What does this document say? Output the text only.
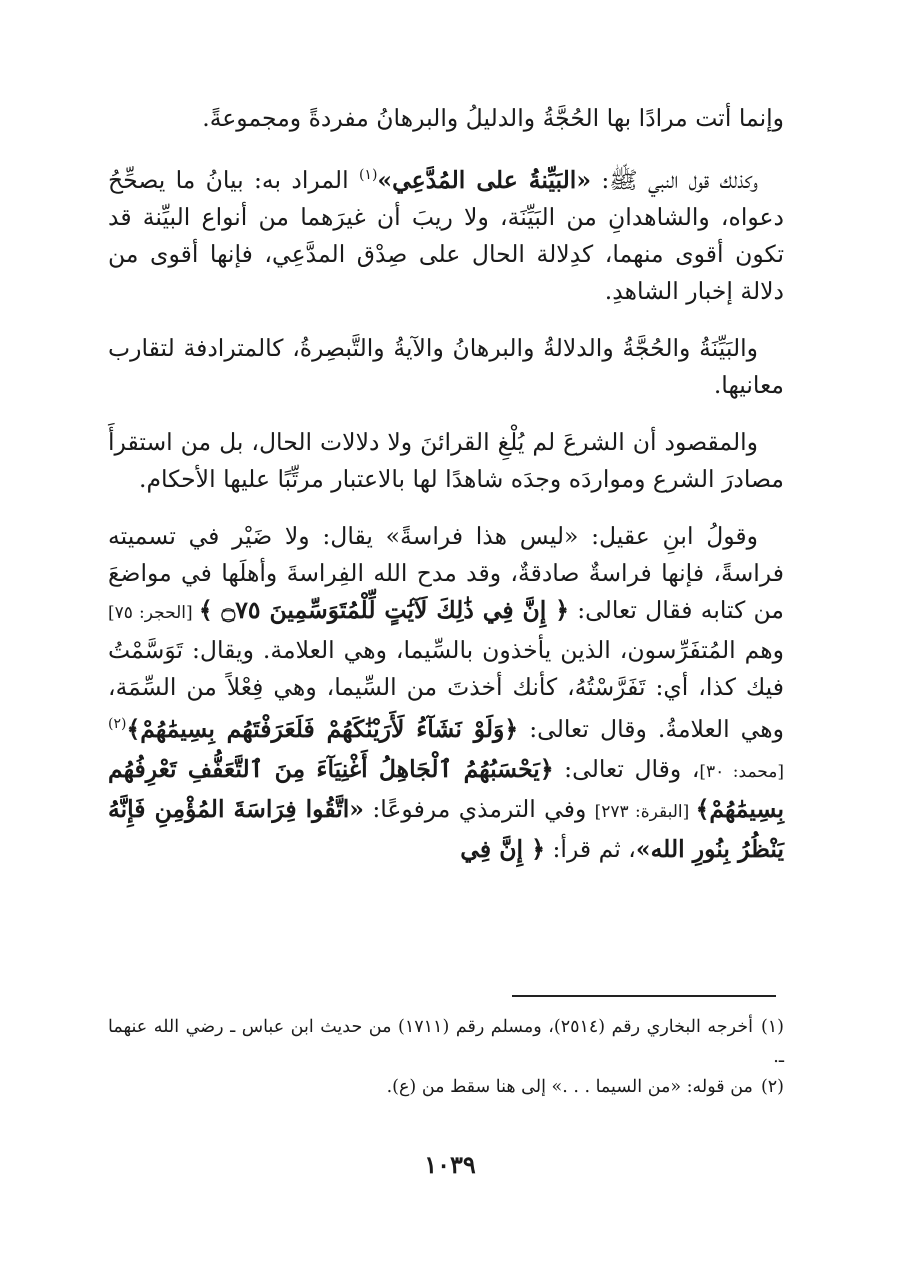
وإنما أتت مرادًا بها الحُجَّةُ والدليلُ والبرهانُ مفردةً ومجموعةً.

وكذلك قول النبي ﷺ: «البَيِّنةُ على المُدَّعِي»$^{(١)}$ المراد به: بيانُ ما يصحِّحُ دعواه، والشاهدانِ من البَيِّنَة، ولا ريبَ أن غيرَهما من أنواع البيِّنة قد تكون أقوى منهما، كدِلالة الحال على صِدْق المدَّعِي، فإنها أقوى من دلالة إخبار الشاهدِ.

والبَيِّنَةُ والحُجَّةُ والدلالةُ والبرهانُ والآيةُ والتَّبصِرةُ، كالمترادفة لتقارب معانيها.

والمقصود أن الشرعَ لم يُلْغِ القرائنَ ولا دلالات الحال، بل من استقرأَ مصادرَ الشرع ومواردَه وجدَه شاهدًا لها بالاعتبار مرتِّبًا عليها الأحكام.

وقولُ ابنِ عقيل: «ليس هذا فراسةً» يقال: ولا ضَيْر في تسميته فراسةً، فإنها فراسةٌ صادقةٌ، وقد مدح الله الفِراسةَ وأهلَها في مواضعَ من كتابه فقال تعالى: ﴿ إِنَّ فِي ذَٰلِكَ لَآيَٰتٍ لِّلْمُتَوَسِّمِينَ ۝٧٥ ﴾ [الحجر: ٧٥] وهم المُتفَرِّسون، الذين يأخذون بالسِّيما، وهي العلامة. ويقال: تَوَسَّمْتُ فيك كذا، أي: تَفَرَّسْتُهُ، كأنك أخذتَ من السِّيما، وهي فِعْلاً من السِّمَة، وهي العلامةُ. وقال تعالى: ﴿وَلَوْ نَشَآءُ لَأَرَيْنَٰكَهُمْ فَلَعَرَفْتَهُم بِسِيمَٰهُمْ﴾$^{(٢)}$ [محمد: ٣٠]، وقال تعالى: ﴿يَحْسَبُهُمُ ٱلْجَاهِلُ أَغْنِيَآءَ مِنَ ٱلتَّعَفُّفِ تَعْرِفُهُم بِسِيمَٰهُمْ﴾ [البقرة: ٢٧٣] وفي الترمذي مرفوعًا: «اتَّقُوا فِرَاسَةَ المُؤْمِنِ فَإِنَّهُ يَنْظُرُ بِنُورِ الله»، ثم قرأ: ﴿ إِنَّ فِي

(١)أخرجه البخاري رقم (٢٥١٤)، ومسلم رقم (١٧١١) من حديث ابن عباس ـ رضي الله عنهما ـ.

(٢)من قوله: «من السيما . . .» إلى هنا سقط من (ع).

١٠٣٩
